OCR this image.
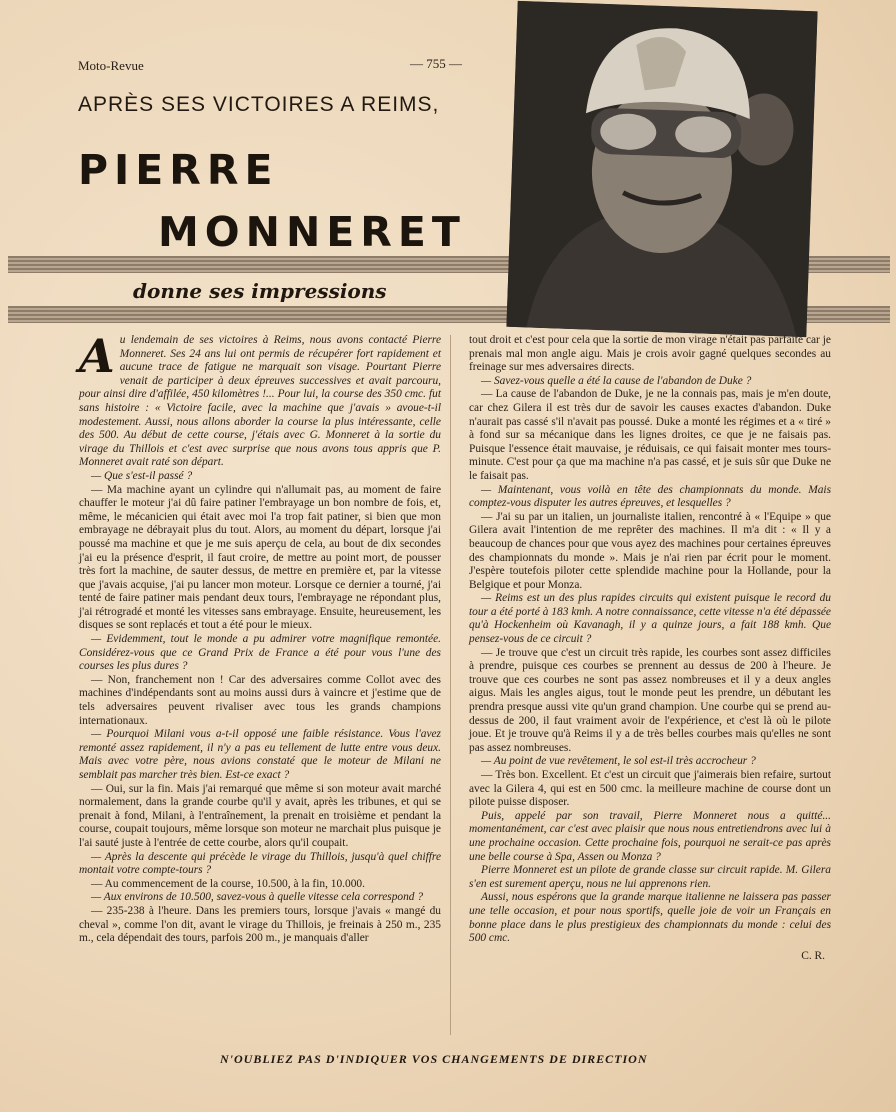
Moto-Revue	— 755 —
APRÈS SES VICTOIRES A REIMS,
PIERRE
MONNERET
donne ses impressions

Au lendemain de ses victoires à Reims, nous avons contacté Pierre Monneret. Ses 24 ans lui ont permis de récupérer fort rapidement et aucune trace de fatigue ne marquait son visage. Pourtant Pierre venait de participer à deux épreuves successives et avait parcouru, pour ainsi dire d'affilée, 450 kilomètres !... Pour lui, la course des 350 cmc. fut sans histoire : « Victoire facile, avec la machine que j'avais » avoue-t-il modestement. Aussi, nous allons aborder la course la plus intéressante, celle des 500. Au début de cette course, j'étais avec G. Monneret à la sortie du virage du Thillois et c'est avec surprise que nous avons tous appris que P. Monneret avait raté son départ.

— Que s'est-il passé ?

— Ma machine ayant un cylindre qui n'allumait pas, au moment de faire chauffer le moteur j'ai dû faire patiner l'embrayage un bon nombre de fois, et, même, le mécanicien qui était avec moi l'a trop fait patiner, si bien que mon embrayage ne débrayait plus du tout. Alors, au moment du départ, lorsque j'ai poussé ma machine et que je me suis aperçu de cela, au bout de dix secondes j'ai eu la présence d'esprit, il faut croire, de mettre au point mort, de pousser très fort la machine, de sauter dessus, de mettre en première et, par la vitesse que j'avais acquise, j'ai pu lancer mon moteur. Lorsque ce dernier a tourné, j'ai tenté de faire patiner mais pendant deux tours, l'embrayage ne répondant plus, j'ai rétrogradé et monté les vitesses sans embrayage. Ensuite, heureusement, les disques se sont replacés et tout a été pour le mieux.

— Evidemment, tout le monde a pu admirer votre magnifique remontée. Considérez-vous que ce Grand Prix de France a été pour vous l'une des courses les plus dures ?

— Non, franchement non ! Car des adversaires comme Collot avec des machines d'indépendants sont au moins aussi durs à vaincre et j'estime que de tels adversaires peuvent rivaliser avec tous les grands champions internationaux.

— Pourquoi Milani vous a-t-il opposé une faible résistance. Vous l'avez remonté assez rapidement, il n'y a pas eu tellement de lutte entre vous deux. Mais avec votre père, nous avions constaté que le moteur de Milani ne semblait pas marcher très bien. Est-ce exact ?

— Oui, sur la fin. Mais j'ai remarqué que même si son moteur avait marché normalement, dans la grande courbe qu'il y avait, après les tribunes, et qui se prenait à fond, Milani, à l'entraînement, la prenait en troisième et pendant la course, coupait toujours, même lorsque son moteur ne marchait plus puisque je l'ai sauté juste à l'entrée de cette courbe, alors qu'il coupait.

— Après la descente qui précède le virage du Thillois, jusqu'à quel chiffre montait votre compte-tours ?

— Au commencement de la course, 10.500, à la fin, 10.000.

— Aux environs de 10.500, savez-vous à quelle vitesse cela correspond ?

— 235-238 à l'heure. Dans les premiers tours, lorsque j'avais « mangé du cheval », comme l'on dit, avant le virage du Thillois, je freinais à 250 m., 235 m., cela dépendait des tours, parfois 200 m., je manquais d'aller

tout droit et c'est pour cela que la sortie de mon virage n'était pas parfaite car je prenais mal mon angle aigu. Mais je crois avoir gagné quelques secondes au freinage sur mes adversaires directs.

— Savez-vous quelle a été la cause de l'abandon de Duke ?

— La cause de l'abandon de Duke, je ne la connais pas, mais je m'en doute, car chez Gilera il est très dur de savoir les causes exactes d'abandon. Duke n'aurait pas cassé s'il n'avait pas poussé. Duke a monté les régimes et a « tiré » à fond sur sa mécanique dans les lignes droites, ce que je ne faisais pas. Puisque l'essence était mauvaise, je réduisais, ce qui faisait monter mes tours-minute. C'est pour ça que ma machine n'a pas cassé, et je suis sûr que Duke ne le faisait pas.

— Maintenant, vous voilà en tête des championnats du monde. Mais comptez-vous disputer les autres épreuves, et lesquelles ?

— J'ai su par un italien, un journaliste italien, rencontré à « l'Equipe » que Gilera avait l'intention de me reprêter des machines. Il m'a dit : « Il y a beaucoup de chances pour que vous ayez des machines pour certaines épreuves des championnats du monde ». Mais je n'ai rien par écrit pour le moment. J'espère toutefois piloter cette splendide machine pour la Hollande, pour la Belgique et pour Monza.

— Reims est un des plus rapides circuits qui existent puisque le record du tour a été porté à 183 kmh. A notre connaissance, cette vitesse n'a été dépassée qu'à Hockenheim où Kavanagh, il y a quinze jours, a fait 188 kmh. Que pensez-vous de ce circuit ?

— Je trouve que c'est un circuit très rapide, les courbes sont assez difficiles à prendre, puisque ces courbes se prennent au dessus de 200 à l'heure. Je trouve que ces courbes ne sont pas assez nombreuses et il y a deux angles aigus. Mais les angles aigus, tout le monde peut les prendre, un débutant les prendra presque aussi vite qu'un grand champion. Une courbe qui se prend au-dessus de 200, il faut vraiment avoir de l'expérience, et c'est là où le pilote joue. Et je trouve qu'à Reims il y a de très belles courbes mais qu'elles ne sont pas assez nombreuses.

— Au point de vue revêtement, le sol est-il très accrocheur ?

— Très bon. Excellent. Et c'est un circuit que j'aimerais bien refaire, surtout avec la Gilera 4, qui est en 500 cmc. la meilleure machine de course dont un pilote puisse disposer.

Puis, appelé par son travail, Pierre Monneret nous a quitté... momentanément, car c'est avec plaisir que nous nous entretiendrons avec lui à une prochaine occasion. Cette prochaine fois, pourquoi ne serait-ce pas après une belle course à Spa, Assen ou Monza ?

Pierre Monneret est un pilote de grande classe sur circuit rapide. M. Gilera s'en est surement aperçu, nous ne lui apprenons rien.

Aussi, nous espérons que la grande marque italienne ne laissera pas passer une telle occasion, et pour nous sportifs, quelle joie de voir un Français en bonne place dans le plus prestigieux des championnats du monde : celui des 500 cmc.

C. R.
N'OUBLIEZ PAS D'INDIQUER VOS CHANGEMENTS DE DIRECTION
